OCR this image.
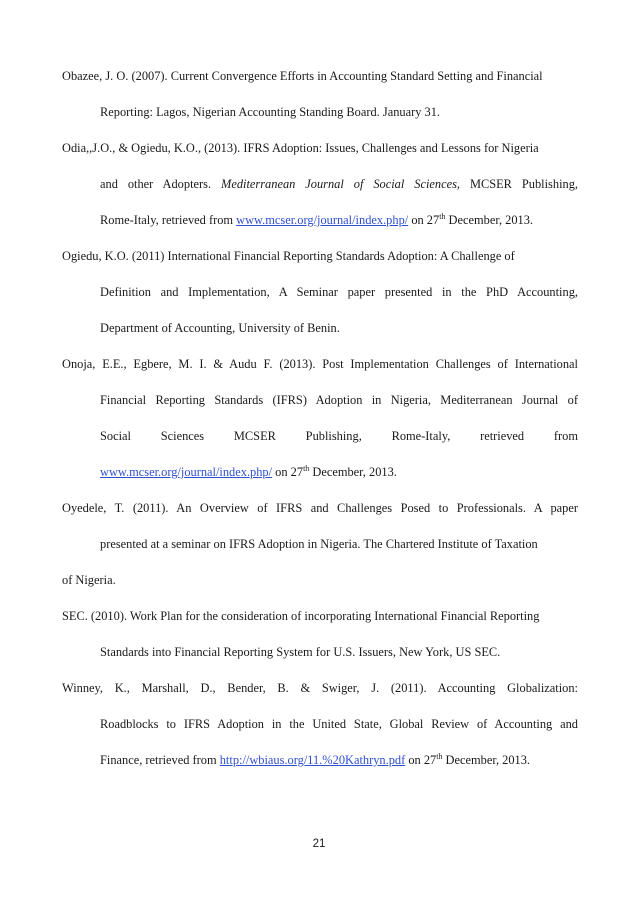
Obazee, J. O. (2007). Current Convergence Efforts in Accounting Standard Setting and Financial
Reporting: Lagos, Nigerian Accounting Standing Board. January 31.
Odia,,J.O., & Ogiedu, K.O., (2013). IFRS Adoption: Issues, Challenges and Lessons for Nigeria
and other Adopters. Mediterranean Journal of Social Sciences, MCSER Publishing,
Rome-Italy, retrieved from www.mcser.org/journal/index.php/ on 27th December, 2013.
Ogiedu, K.O. (2011) International Financial Reporting Standards Adoption: A Challenge of
Definition and Implementation, A Seminar paper presented in the PhD Accounting,
Department of Accounting, University of Benin.
Onoja, E.E., Egbere, M. I. & Audu F. (2013). Post Implementation Challenges of International
Financial Reporting Standards (IFRS) Adoption in Nigeria, Mediterranean Journal of
Social Sciences MCSER Publishing, Rome-Italy, retrieved from
www.mcser.org/journal/index.php/ on 27th December, 2013.
Oyedele, T. (2011). An Overview of IFRS and Challenges Posed to Professionals. A paper
presented at a seminar on IFRS Adoption in Nigeria. The Chartered Institute of Taxation
of Nigeria.
SEC. (2010). Work Plan for the consideration of incorporating International Financial Reporting
Standards into Financial Reporting System for U.S. Issuers, New York, US SEC.
Winney, K., Marshall, D., Bender, B. & Swiger, J. (2011). Accounting Globalization:
Roadblocks to IFRS Adoption in the United State, Global Review of Accounting and
Finance, retrieved from http://wbiaus.org/11.%20Kathryn.pdf on 27th December, 2013.
21
